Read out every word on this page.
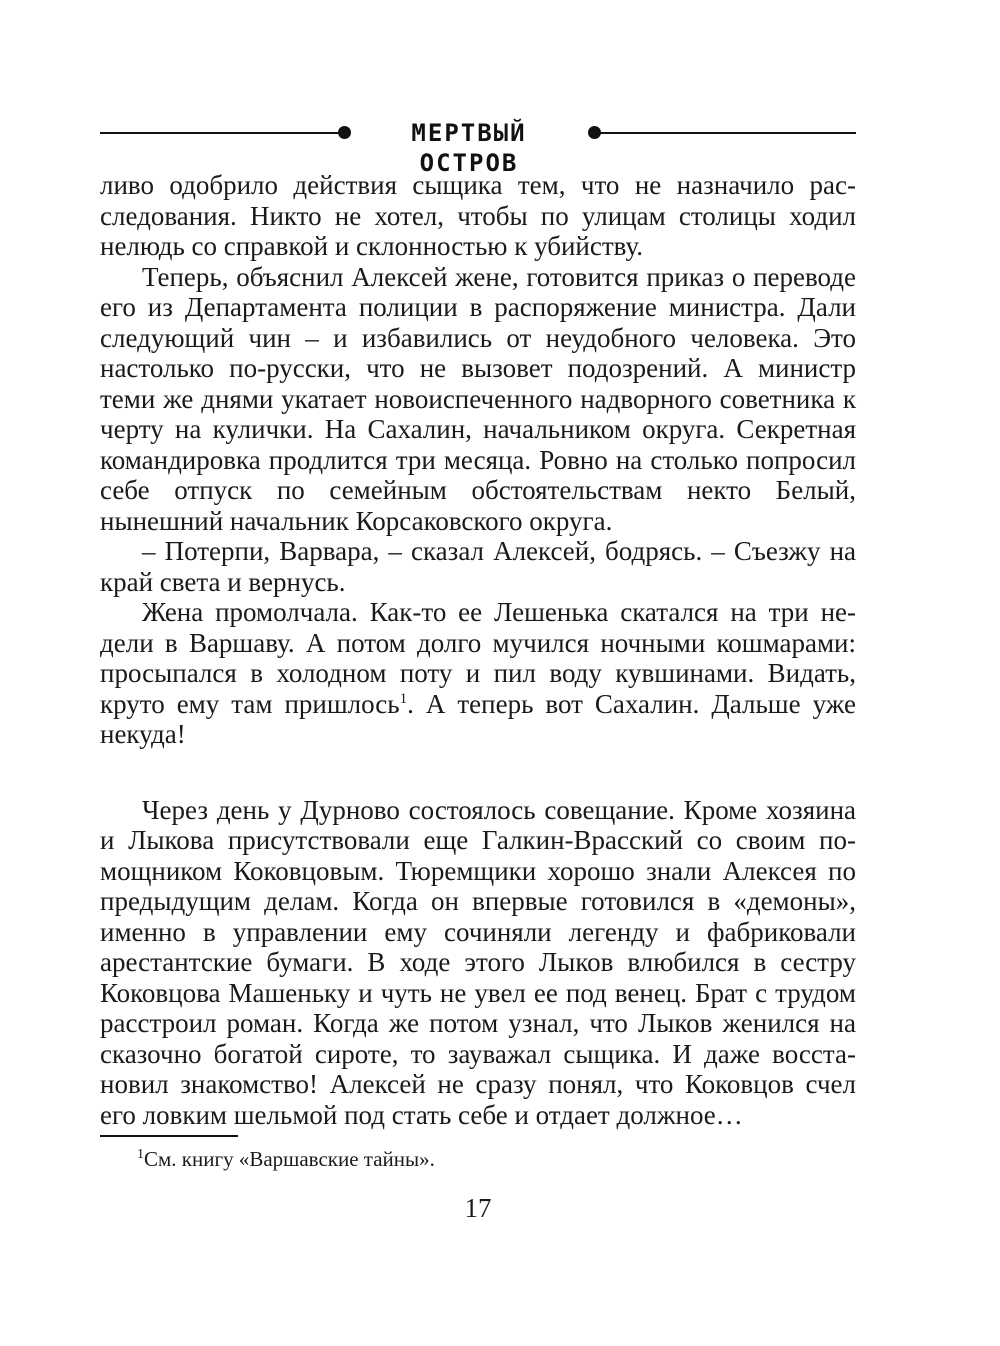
МЕРТВЫЙ ОСТРОВ

ливо одобрило действия сыщика тем, что не назначило расследования. Никто не хотел, чтобы по улицам столицы ходил нелюдь со справкой и склонностью к убийству.

Теперь, объяснил Алексей жене, готовится приказ о переводе его из Департамента полиции в распоряжение министра. Дали следующий чин – и избавились от неудобного человека. Это настолько по-русски, что не вызовет подозрений. А министр теми же днями укатает новоиспеченного надворного советника к черту на кулички. На Сахалин, начальником округа. Секретная командировка продлится три месяца. Ровно на столько попросил себе отпуск по семейным обстоятельствам некто Белый, нынешний начальник Корсаковского округа.

– Потерпи, Варвара, – сказал Алексей, бодрясь. – Съезжу на край света и вернусь.

Жена промолчала. Как-то ее Лешенька скатался на три недели в Варшаву. А потом долго мучился ночными кошмарами: просыпался в холодном поту и пил воду кувшинами. Видать, круто ему там пришлось$^1$. А теперь вот Сахалин. Дальше уже некуда!

Через день у Дурново состоялось совещание. Кроме хозяина и Лыкова присутствовали еще Галкин-Врасский со своим помощником Коковцовым. Тюремщики хорошо знали Алексея по предыдущим делам. Когда он впервые готовился в «демоны», именно в управлении ему сочиняли легенду и фабриковали арестантские бумаги. В ходе этого Лыков влюбился в сестру Коковцова Машеньку и чуть не увел ее под венец. Брат с трудом расстроил роман. Когда же потом узнал, что Лыков женился на сказочно богатой сироте, то зауважал сыщика. И даже восстановил знакомство! Алексей не сразу понял, что Коковцов счел его ловким шельмой под стать себе и отдает должное…

$^1$См. книгу «Варшавские тайны».
17
